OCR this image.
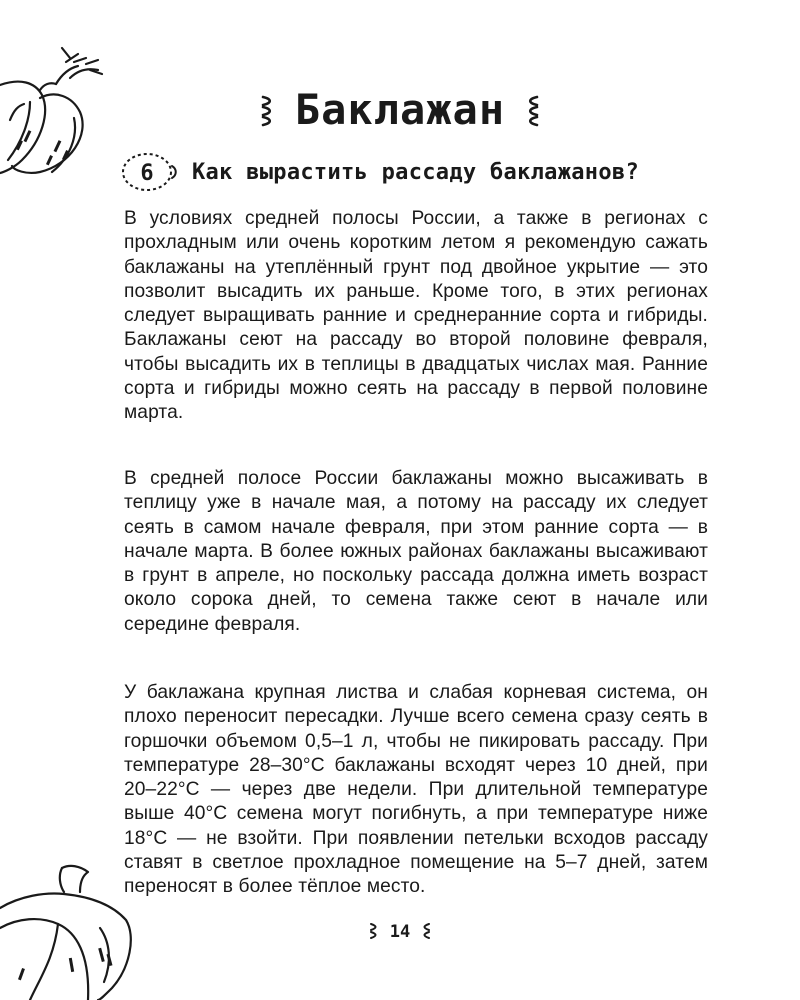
Баклажан
6 Как вырастить рассаду баклажанов?

В условиях средней полосы России, а также в регионах с прохладным или очень коротким летом я рекомендую сажать баклажаны на утеплённый грунт под двойное укрытие — это позволит высадить их раньше. Кроме того, в этих регионах следует выращивать ранние и среднеранние сорта и гибриды. Баклажаны сеют на рассаду во второй половине февраля, чтобы высадить их в теплицы в двадцатых числах мая. Ранние сорта и гибриды можно сеять на рассаду в первой половине марта.

В средней полосе России баклажаны можно высаживать в теплицу уже в начале мая, а потому на рассаду их следует сеять в самом начале февраля, при этом ранние сорта — в начале марта. В более южных районах баклажаны высаживают в грунт в апреле, но поскольку рассада должна иметь возраст около сорока дней, то семена также сеют в начале или середине февраля.

У баклажана крупная листва и слабая корневая система, он плохо переносит пересадки. Лучше всего семена сразу сеять в горшочки объемом 0,5–1 л, чтобы не пикировать рассаду. При температуре 28–30°С баклажаны всходят через 10 дней, при 20–22°С — через две недели. При длительной температуре выше 40°С семена могут погибнуть, а при температуре ниже 18°С — не взойти. При появлении петельки всходов рассаду ставят в светлое прохладное помещение на 5–7 дней, затем переносят в более тёплое место.

14
